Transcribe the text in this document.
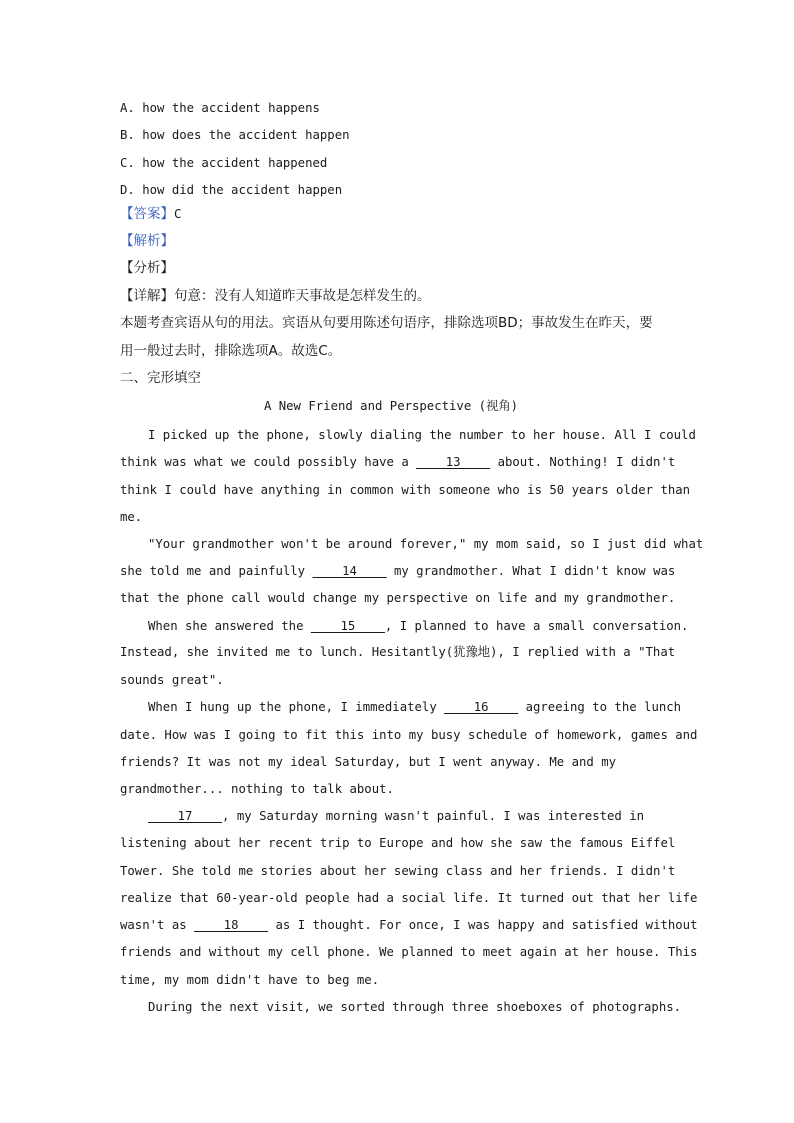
A. how the accident happens
B. how does the accident happen
C. how the accident happened
D. how did the accident happen
【答案】C
【解析】
【分析】
【详解】句意：没有人知道昨天事故是怎样发生的。
本题考查宾语从句的用法。宾语从句要用陈述句语序，排除选项BD；事故发生在昨天，要
用一般过去时，排除选项A。故选C。
二、完形填空
A New Friend and Perspective (视角)
I picked up the phone, slowly dialing the number to her house. All I could
think was what we could possibly have a ____13____ about. Nothing! I didn't
think I could have anything in common with someone who is 50 years older than
me.
"Your grandmother won't be around forever," my mom said, so I just did what
she told me and painfully ____14____ my grandmother. What I didn't know was
that the phone call would change my perspective on life and my grandmother.
When she answered the ____15____, I planned to have a small conversation.
Instead, she invited me to lunch. Hesitantly(犹豫地), I replied with a "That
sounds great".
When I hung up the phone, I immediately ____16____ agreeing to the lunch
date. How was I going to fit this into my busy schedule of homework, games and
friends? It was not my ideal Saturday, but I went anyway. Me and my
grandmother... nothing to talk about.
____17____, my Saturday morning wasn't painful. I was interested in
listening about her recent trip to Europe and how she saw the famous Eiffel
Tower. She told me stories about her sewing class and her friends. I didn't
realize that 60-year-old people had a social life. It turned out that her life
wasn't as ____18____ as I thought. For once, I was happy and satisfied without
friends and without my cell phone. We planned to meet again at her house. This
time, my mom didn't have to beg me.
During the next visit, we sorted through three shoeboxes of photographs.
